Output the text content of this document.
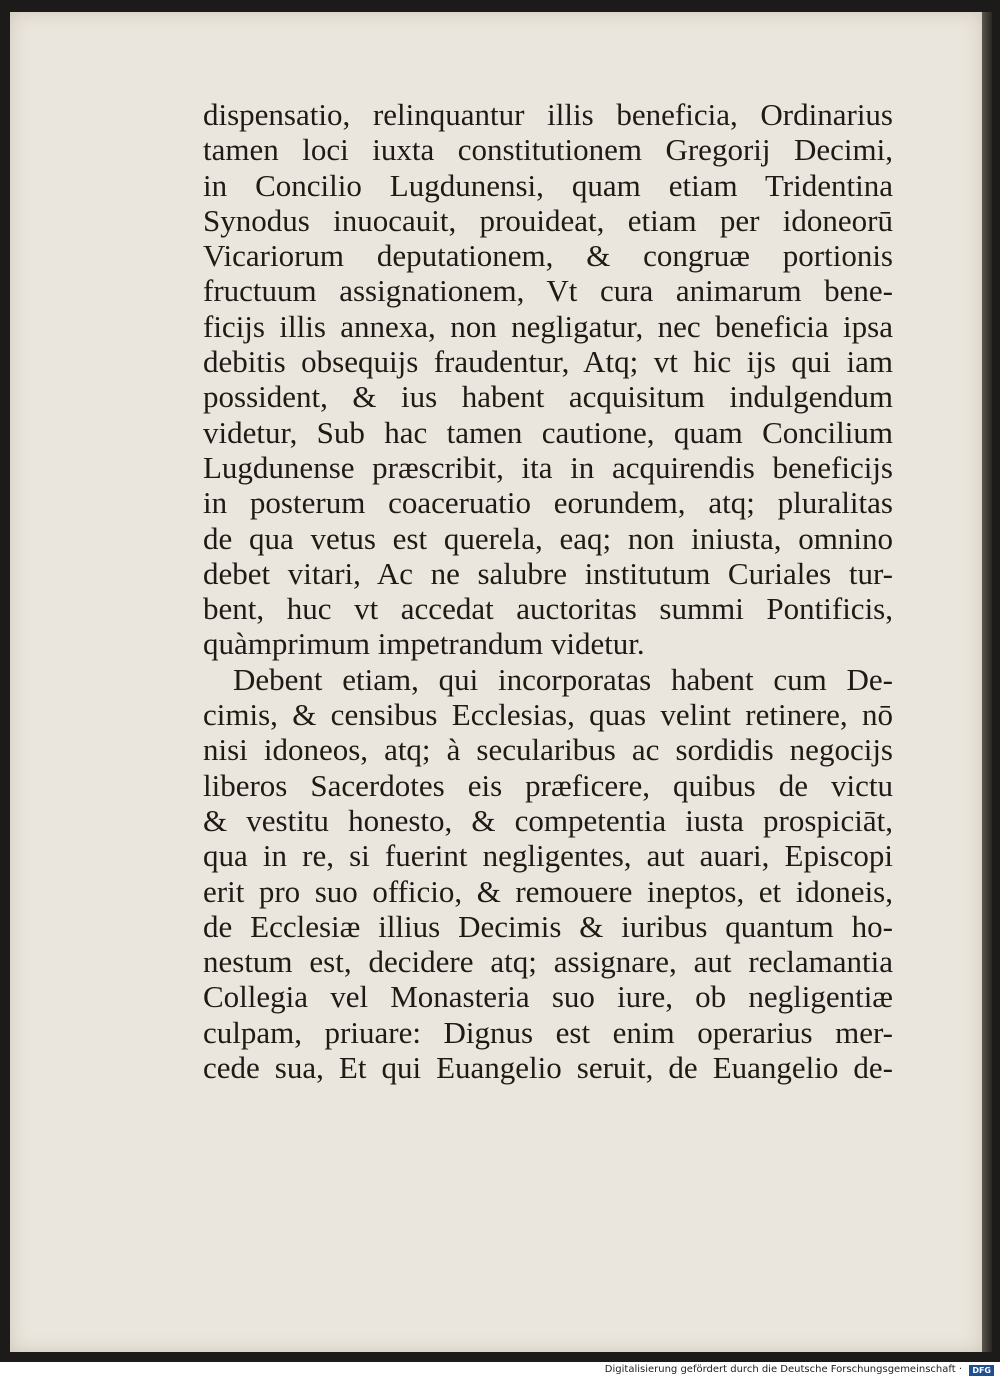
dispensatio, relinquantur illis beneficia, Ordinarius
tamen loci iuxta constitutionem Gregorij Decimi,
in Concilio Lugdunensi, quam etiam Tridentina
Synodus inuocauit, prouideat, etiam per idoneorū
Vicariorum deputationem, & congruæ portionis
fructuum assignationem, Vt cura animarum bene-
ficijs illis annexa, non negligatur, nec beneficia ipsa
debitis obsequijs fraudentur, Atq; vt hic ijs qui iam
possident, & ius habent acquisitum indulgendum
videtur, Sub hac tamen cautione, quam Concilium
Lugdunense præscribit, ita in acquirendis beneficijs
in posterum coaceruatio eorundem, atq; pluralitas
de qua vetus est querela, eaq; non iniusta, omnino
debet vitari, Ac ne salubre institutum Curiales tur-
bent, huc vt accedat auctoritas summi Pontificis,
quàmprimum impetrandum videtur.
Debent etiam, qui incorporatas habent cum De-
cimis, & censibus Ecclesias, quas velint retinere, nō
nisi idoneos, atq; à secularibus ac sordidis negocijs
liberos Sacerdotes eis præficere, quibus de victu
& vestitu honesto, & competentia iusta prospiciāt,
qua in re, si fuerint negligentes, aut auari, Episcopi
erit pro suo officio, & remouere ineptos, et idoneis,
de Ecclesiæ illius Decimis & iuribus quantum ho-
nestum est, decidere atq; assignare, aut reclamantia
Collegia vel Monasteria suo iure, ob negligentiæ
culpam, priuare: Dignus est enim operarius mer-
cede sua, Et qui Euangelio seruit, de Euangelio de-
Digitalisierung gefördert durch die Deutsche Forschungsgemeinschaft ·	DFG
